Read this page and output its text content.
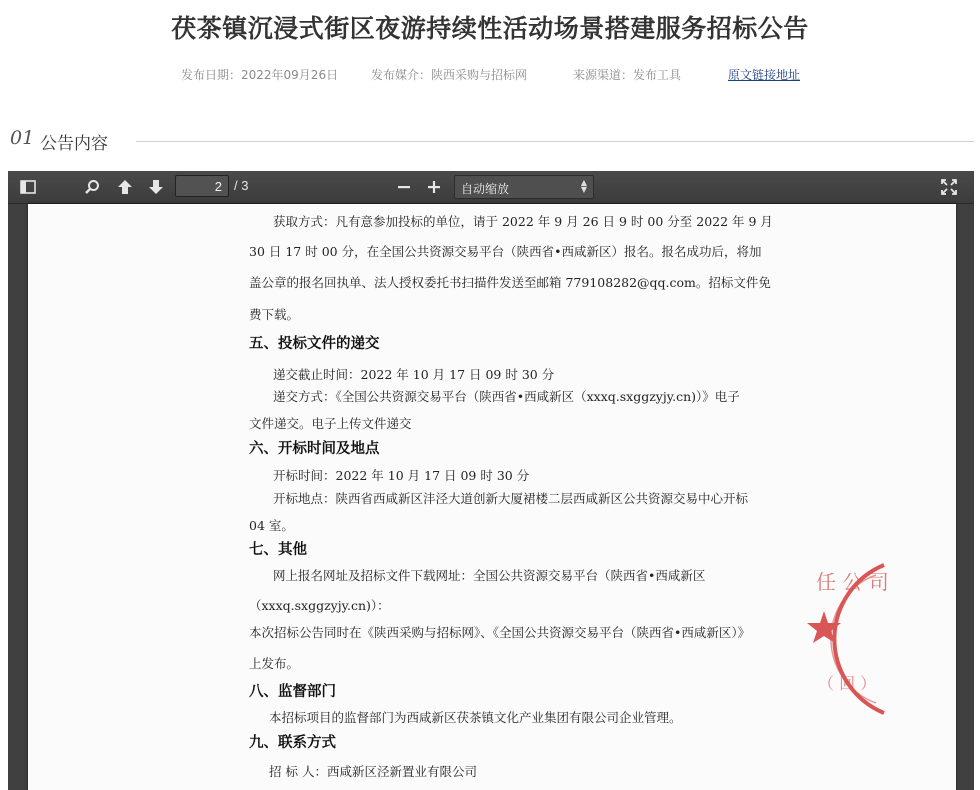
茯茶镇沉浸式街区夜游持续性活动场景搭建服务招标公告
发布日期：2022年09月26日	发布媒介：陕西采购与招标网	来源渠道：发布工具	原文链接地址
01 公告内容
2
/ 3	自动缩放	▲
▼
获取方式：凡有意参加投标的单位，请于 2022 年 9 月 26 日 9 时 00 分至 2022 年 9 月
30 日 17 时 00 分，在全国公共资源交易平台（陕西省•西咸新区）报名。报名成功后，将加
盖公章的报名回执单、法人授权委托书扫描件发送至邮箱 779108282@qq.com。招标文件免
费下载。
五、投标文件的递交
递交截止时间：2022 年 10 月 17 日 09 时 30 分
递交方式：《全国公共资源交易平台（陕西省•西咸新区（xxxq.sxggzyjy.cn)）》电子
文件递交。电子上传文件递交
六、开标时间及地点
开标时间：2022 年 10 月 17 日 09 时 30 分
开标地点：陕西省西咸新区沣泾大道创新大厦裙楼二层西咸新区公共资源交易中心开标
04 室。
七、其他
网上报名网址及招标文件下载网址：全国公共资源交易平台（陕西省•西咸新区
（xxxq.sxggzyjy.cn)）：
本次招标公告同时在《陕西采购与招标网》、《全国公共资源交易平台（陕西省•西咸新区）》
上发布。
八、监督部门
本招标项目的监督部门为西咸新区茯茶镇文化产业集团有限公司企业管理。
九、联系方式
招 标 人：西咸新区泾新置业有限公司
任 公 司
（ 回 ）
